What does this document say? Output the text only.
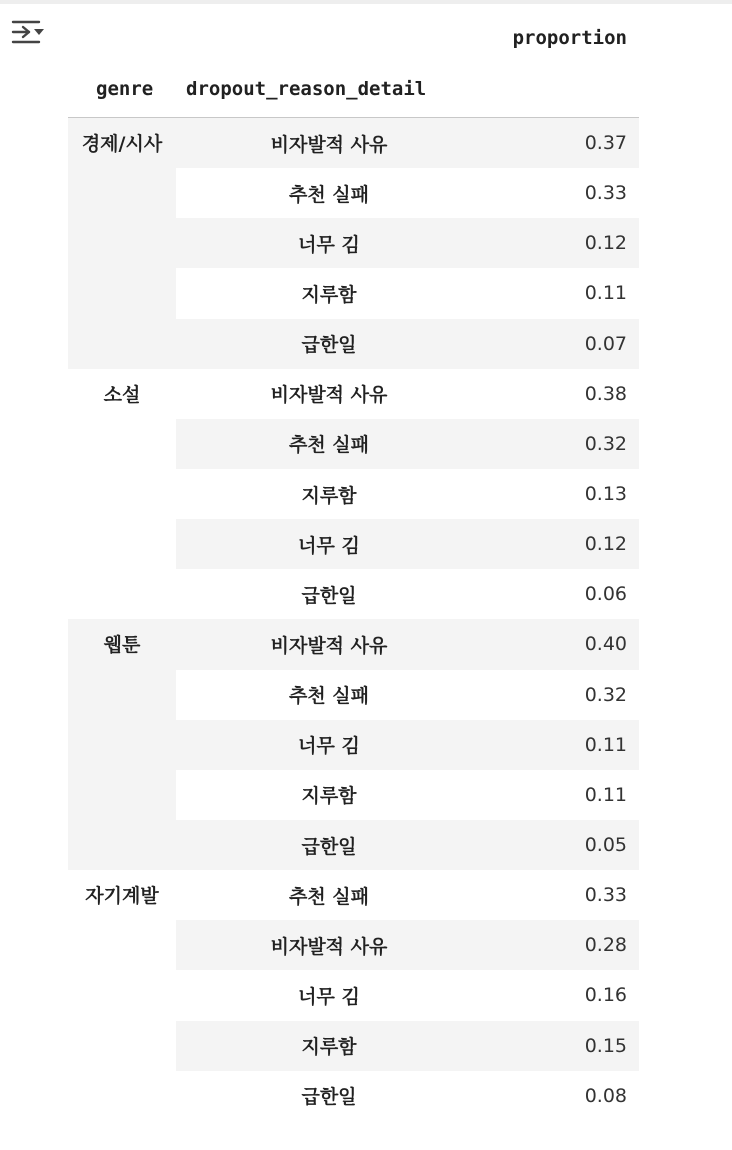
proportion
genre dropout_reason_detail
경제/시사	비자발적 사유	0.37
추천 실패	0.33
너무 김	0.12
지루함	0.11
급한일	0.07
소설	비자발적 사유	0.38
추천 실패	0.32
지루함	0.13
너무 김	0.12
급한일	0.06
웹툰	비자발적 사유	0.40
추천 실패	0.32
너무 김	0.11
지루함	0.11
급한일	0.05
자기계발	추천 실패	0.33
비자발적 사유	0.28
너무 김	0.16
지루함	0.15
급한일	0.08
